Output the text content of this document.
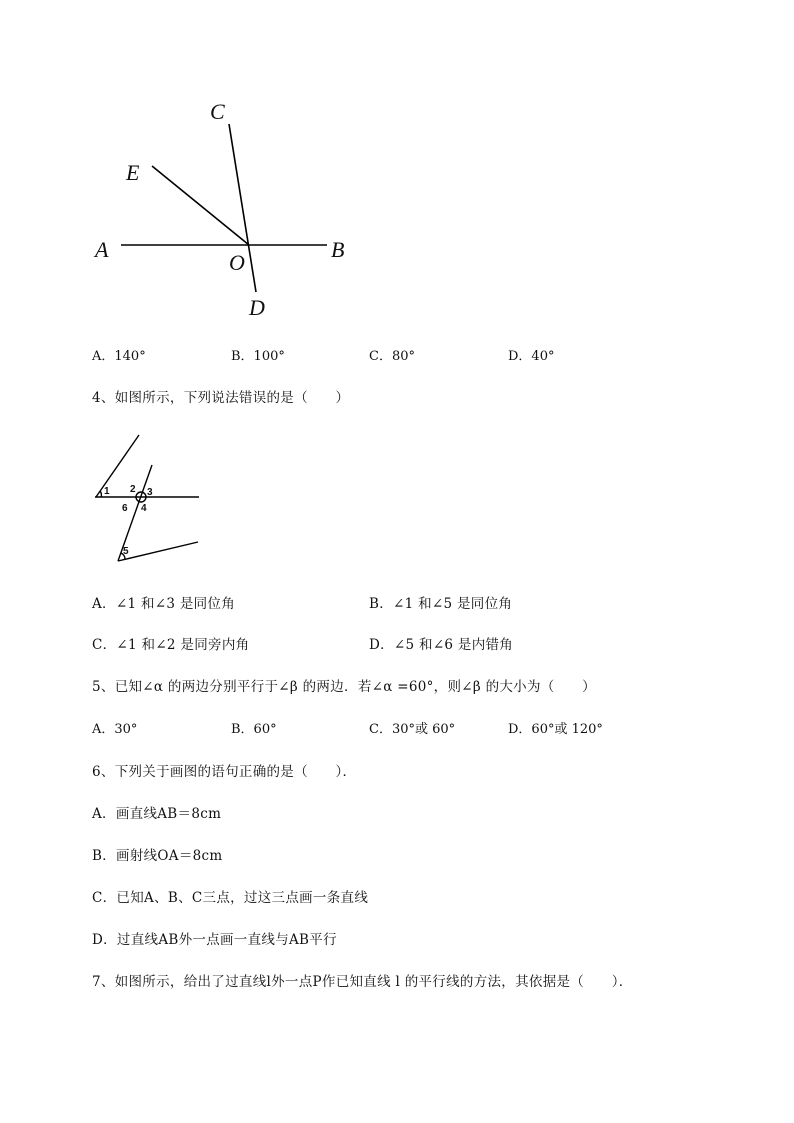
C
E
A
O
B
D
A．140°	B．100°	C．80°	D．40°
4、如图所示，下列说法错误的是（　　）
1 2 3
6 4
5
A．∠1 和∠3 是同位角	B．∠1 和∠5 是同位角
C．∠1 和∠2 是同旁内角	D．∠5 和∠6 是内错角
5、已知∠α 的两边分别平行于∠β 的两边．若∠α =60°，则∠β 的大小为（　　）
A．30°	B．60°	C．30°或 60°	D．60°或 120°
6、下列关于画图的语句正确的是（　　）．
A．画直线AB＝8cm
B．画射线OA＝8cm
C．已知A、B、C三点，过这三点画一条直线
D．过直线AB外一点画一直线与AB平行
7、如图所示，给出了过直线l外一点P作已知直线 l 的平行线的方法，其依据是（　　）．
